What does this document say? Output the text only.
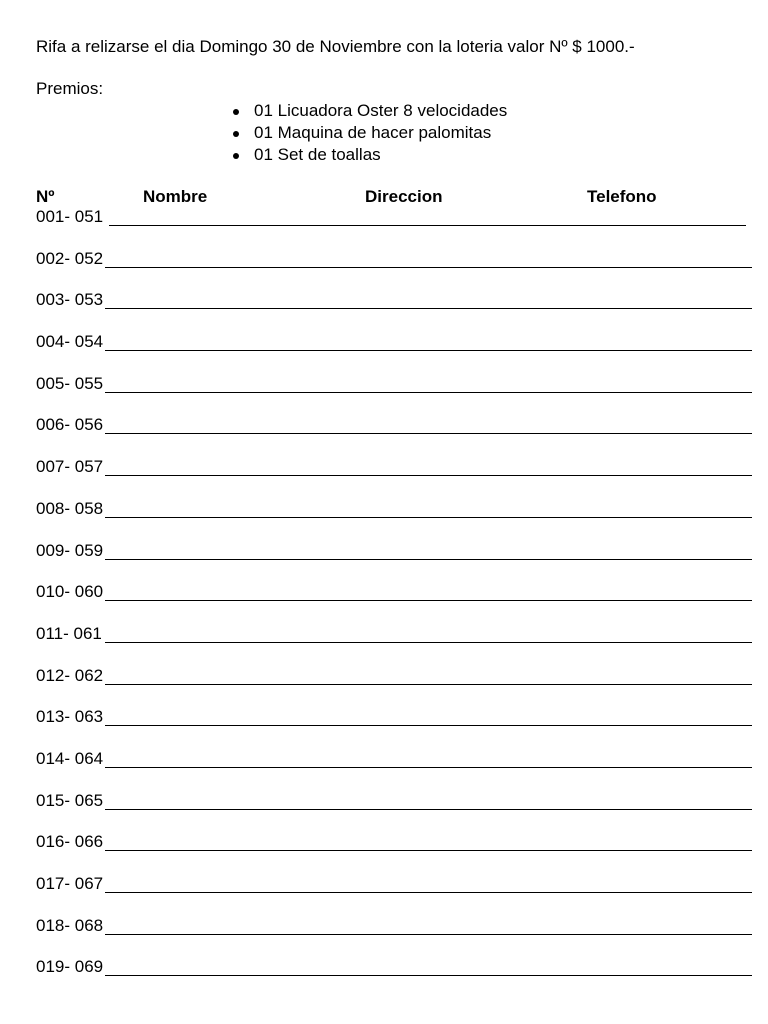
Rifa a relizarse el dia Domingo 30 de Noviembre con la loteria valor Nº $ 1000.-
Premios:
01 Licuadora Oster 8 velocidades
01 Maquina de hacer palomitas
01 Set de toallas
Nº	Nombre	Direccion	Telefono
001- 051
002- 052
003- 053
004- 054
005- 055
006- 056
007- 057
008- 058
009- 059
010- 060
011- 061
012- 062
013- 063
014- 064
015- 065
016- 066
017- 067
018- 068
019- 069
